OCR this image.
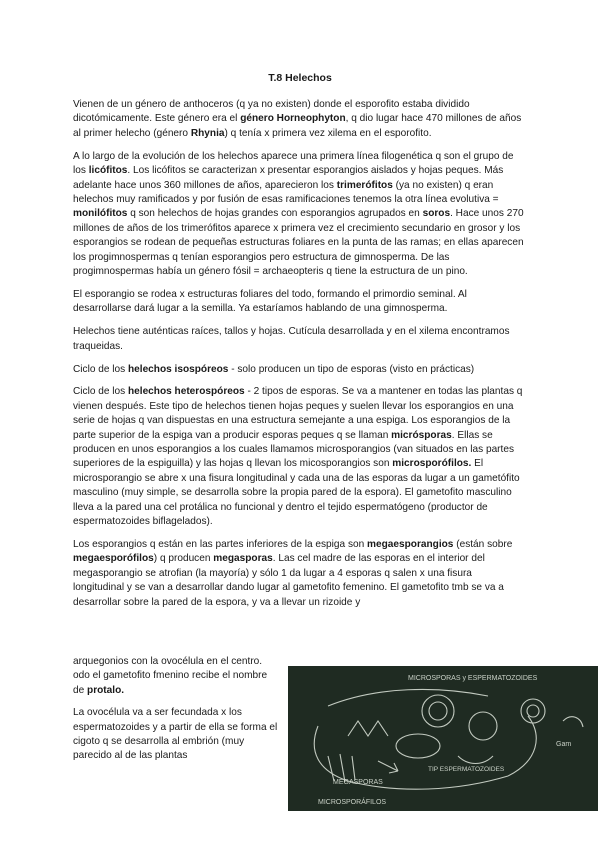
T.8 Helechos

Vienen de un género de anthoceros (q ya no existen) donde el esporofito estaba dividido dicotómicamente. Este género era el género Horneophyton, q dio lugar hace 470 millones de años al primer helecho (género Rhynia) q tenía x primera vez xilema en el esporofito.

A lo largo de la evolución de los helechos aparece una primera línea filogenética q son el grupo de los licófitos. Los licófitos se caracterizan x presentar esporangios aislados y hojas peques. Más adelante hace unos 360 millones de años, aparecieron los trimerófitos (ya no existen) q eran helechos muy ramificados y por fusión de esas ramificaciones tenemos la otra línea evolutiva = monilófitos q son helechos de hojas grandes con esporangios agrupados en soros. Hace unos 270 millones de años de los trimerófitos aparece x primera vez el crecimiento secundario en grosor y los esporangios se rodean de pequeñas estructuras foliares en la punta de las ramas; en ellas aparecen los progimnospermas q tenían esporangios pero estructura de gimnosperma. De las progimnospermas había un género fósil = archaeopteris q tiene la estructura de un pino.

El esporangio se rodea x estructuras foliares del todo, formando el primordio seminal. Al desarrollarse dará lugar a la semilla. Ya estaríamos hablando de una gimnosperma.

Helechos tiene auténticas raíces, tallos y hojas. Cutícula desarrollada y en el xilema encontramos traqueidas.

Ciclo de los helechos isospóreos - solo producen un tipo de esporas (visto en prácticas)

Ciclo de los helechos heterospóreos - 2 tipos de esporas. Se va a mantener en todas las plantas q vienen después. Este tipo de helechos tienen hojas peques y suelen llevar los esporangios en una serie de hojas q van dispuestas en una estructura semejante a una espiga. Los esporangios de la parte superior de la espiga van a producir esporas peques q se llaman micrósporas. Ellas se producen en unos esporangios a los cuales llamamos microsporangios (van situados en las partes superiores de la espiguilla) y las hojas q llevan los micosporangios son microsporófilos. El microsporangio se abre x una fisura longitudinal y cada una de las esporas da lugar a un gametófito masculino (muy simple, se desarrolla sobre la propia pared de la espora). El gametofito masculino lleva a la pared una cel protálica no funcional y dentro el tejido espermatógeno (productor de espermatozoides biflagelados).

Los esporangios q están en las partes inferiores de la espiga son megaesporangios (están sobre megaesporófilos) q producen megasporas. Las cel madre de las esporas en el interior del megasporangio se atrofian (la mayoría) y sólo 1 da lugar a 4 esporas q salen x una fisura longitudinal y se van a desarrollar dando lugar al gametofito femenino. El gametofito tmb se va a desarrollar sobre la pared de la espora, y va a llevar un rizoide y

arquegonios con la ovocélula en el centro. odo el gametofito fmenino recibe el nombre de protalo.

La ovocélula va a ser fecundada x los espermatozoides y a partir de ella se forma el cigoto q se desarrolla al embrión (muy parecido al de las plantas

MICROSPORAS y ESPERMATOZOIDES
TIP ESPERMATOZOIDES
MEGASPORAS
MICROSPORÁFILOS
Gam
